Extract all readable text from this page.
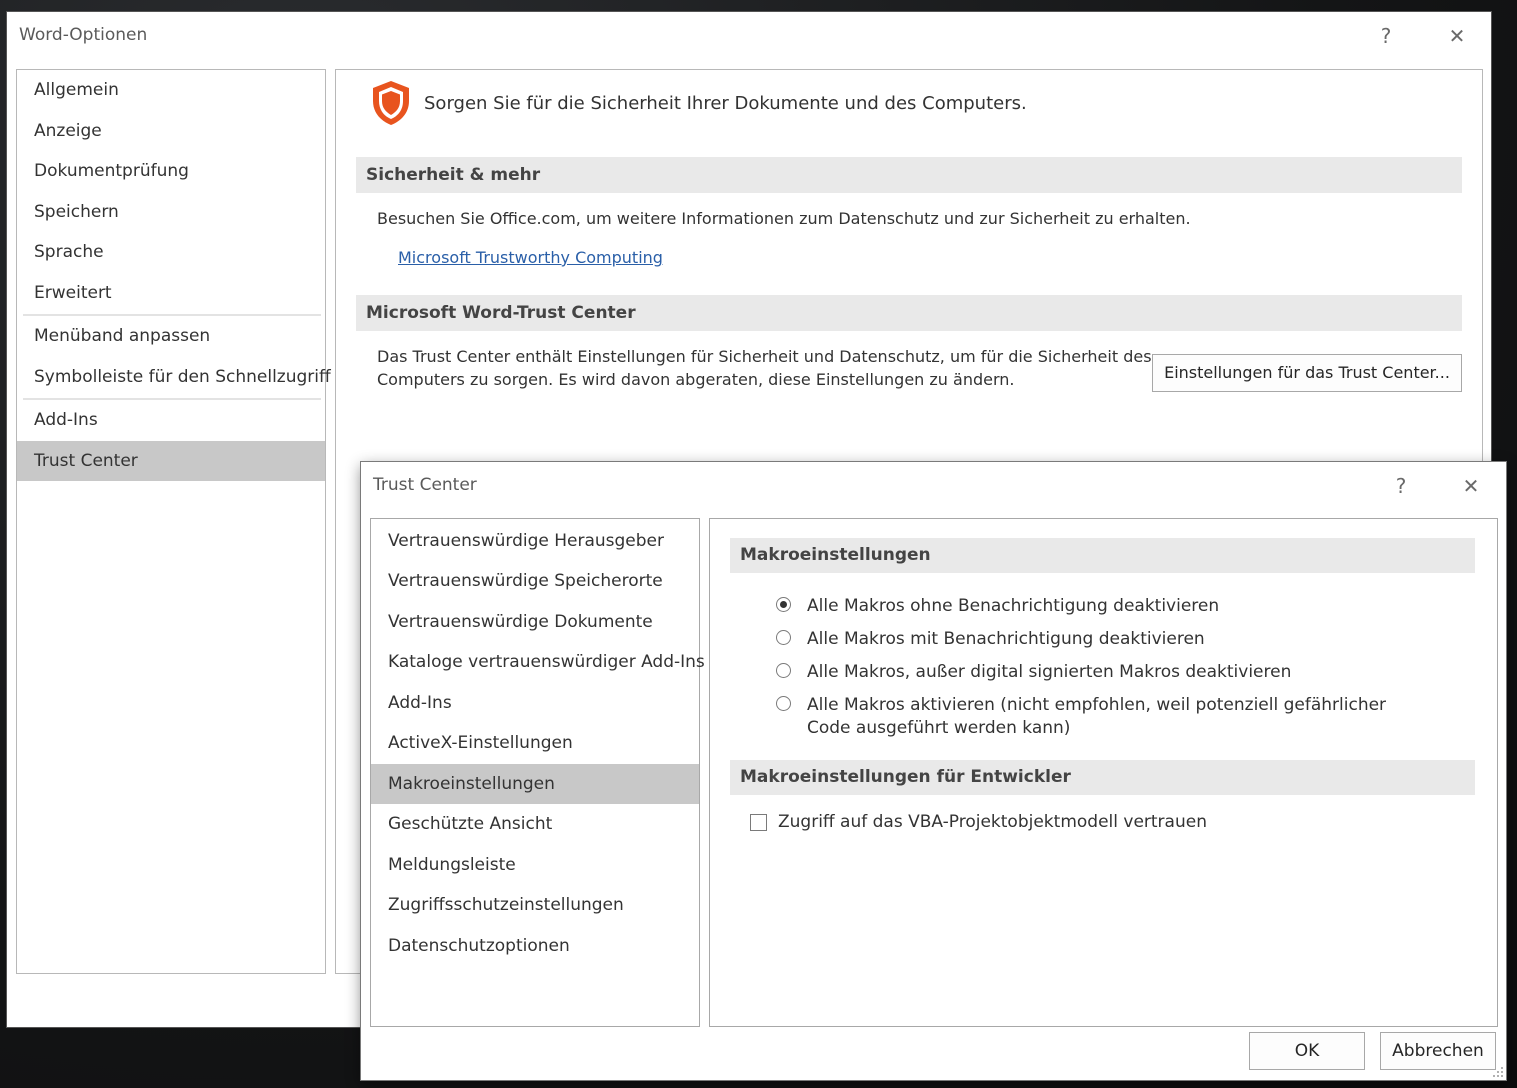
Word-Optionen	?	✕
Allgemein
Anzeige
Dokumentprüfung
Speichern
Sprache
Erweitert
Menüband anpassen
Symbolleiste für den Schnellzugriff
Add-Ins
Trust Center
Sorgen Sie für die Sicherheit Ihrer Dokumente und des Computers.
Sicherheit & mehr
Besuchen Sie Office.com, um weitere Informationen zum Datenschutz und zur Sicherheit zu erhalten.
Microsoft Trustworthy Computing
Microsoft Word-Trust Center
Das Trust Center enthält Einstellungen für Sicherheit und Datenschutz, um für die Sicherheit des
Computers zu sorgen. Es wird davon abgeraten, diese Einstellungen zu ändern.	Einstellungen für das Trust Center...
Trust Center	?	✕
Vertrauenswürdige Herausgeber
Vertrauenswürdige Speicherorte
Vertrauenswürdige Dokumente
Kataloge vertrauenswürdiger Add-Ins
Add-Ins
ActiveX-Einstellungen
Makroeinstellungen
Geschützte Ansicht
Meldungsleiste
Zugriffsschutzeinstellungen
Datenschutzoptionen
Makroeinstellungen
Alle Makros ohne Benachrichtigung deaktivieren
Alle Makros mit Benachrichtigung deaktivieren
Alle Makros, außer digital signierten Makros deaktivieren
Alle Makros aktivieren (nicht empfohlen, weil potenziell gefährlicher Code ausgeführt werden kann)
Makroeinstellungen für Entwickler
Zugriff auf das VBA-Projektobjektmodell vertrauen
OK	Abbrechen
